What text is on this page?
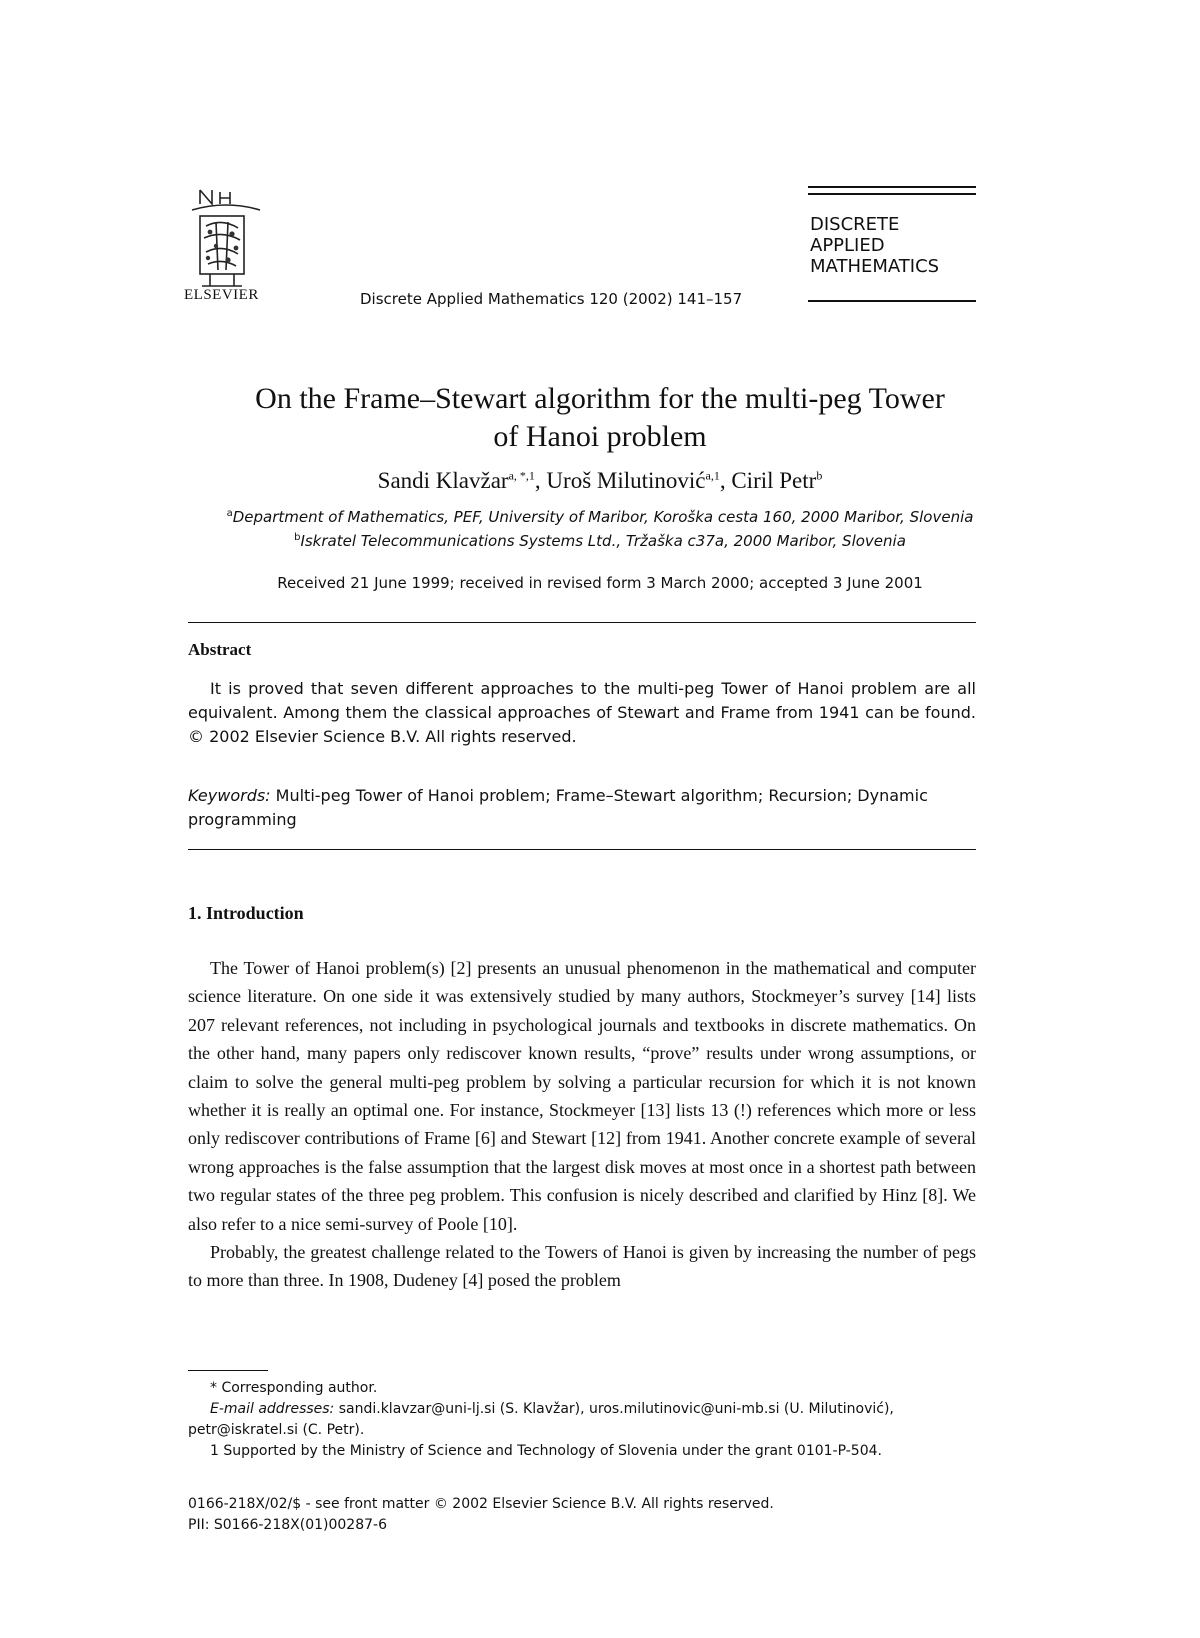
ELSEVIER	Discrete Applied Mathematics 120 (2002) 141–157
DISCRETE
APPLIED
MATHEMATICS
On the Frame–Stewart algorithm for the multi-peg Tower
of Hanoi problem
Sandi Klavžar$^{a, *,1}$, Uroš Milutinović$^{a,1}$, Ciril Petr$^b$
$^a$Department of Mathematics, PEF, University of Maribor, Koroška cesta 160, 2000 Maribor, Slovenia
$^b$Iskratel Telecommunications Systems Ltd., Tržaška c37a, 2000 Maribor, Slovenia
Received 21 June 1999; received in revised form 3 March 2000; accepted 3 June 2001
Abstract
It is proved that seven different approaches to the multi-peg Tower of Hanoi problem are all equivalent. Among them the classical approaches of Stewart and Frame from 1941 can be found. © 2002 Elsevier Science B.V. All rights reserved.
Keywords: Multi-peg Tower of Hanoi problem; Frame–Stewart algorithm; Recursion; Dynamic programming
1. Introduction

The Tower of Hanoi problem(s) [2] presents an unusual phenomenon in the mathematical and computer science literature. On one side it was extensively studied by many authors, Stockmeyer’s survey [14] lists 207 relevant references, not including in psychological journals and textbooks in discrete mathematics. On the other hand, many papers only rediscover known results, “prove” results under wrong assumptions, or claim to solve the general multi-peg problem by solving a particular recursion for which it is not known whether it is really an optimal one. For instance, Stockmeyer [13] lists 13 (!) references which more or less only rediscover contributions of Frame [6] and Stewart [12] from 1941. Another concrete example of several wrong approaches is the false assumption that the largest disk moves at most once in a shortest path between two regular states of the three peg problem. This confusion is nicely described and clarified by Hinz [8]. We also refer to a nice semi-survey of Poole [10].

Probably, the greatest challenge related to the Towers of Hanoi is given by increasing the number of pegs to more than three. In 1908, Dudeney [4] posed the problem

* Corresponding author.

E-mail addresses: sandi.klavzar@uni-lj.si (S. Klavžar), uros.milutinovic@uni-mb.si (U. Milutinović), petr@iskratel.si (C. Petr).

1 Supported by the Ministry of Science and Technology of Slovenia under the grant 0101-P-504.

0166-218X/02/$ - see front matter © 2002 Elsevier Science B.V. All rights reserved.

PII: S0166-218X(01)00287-6
